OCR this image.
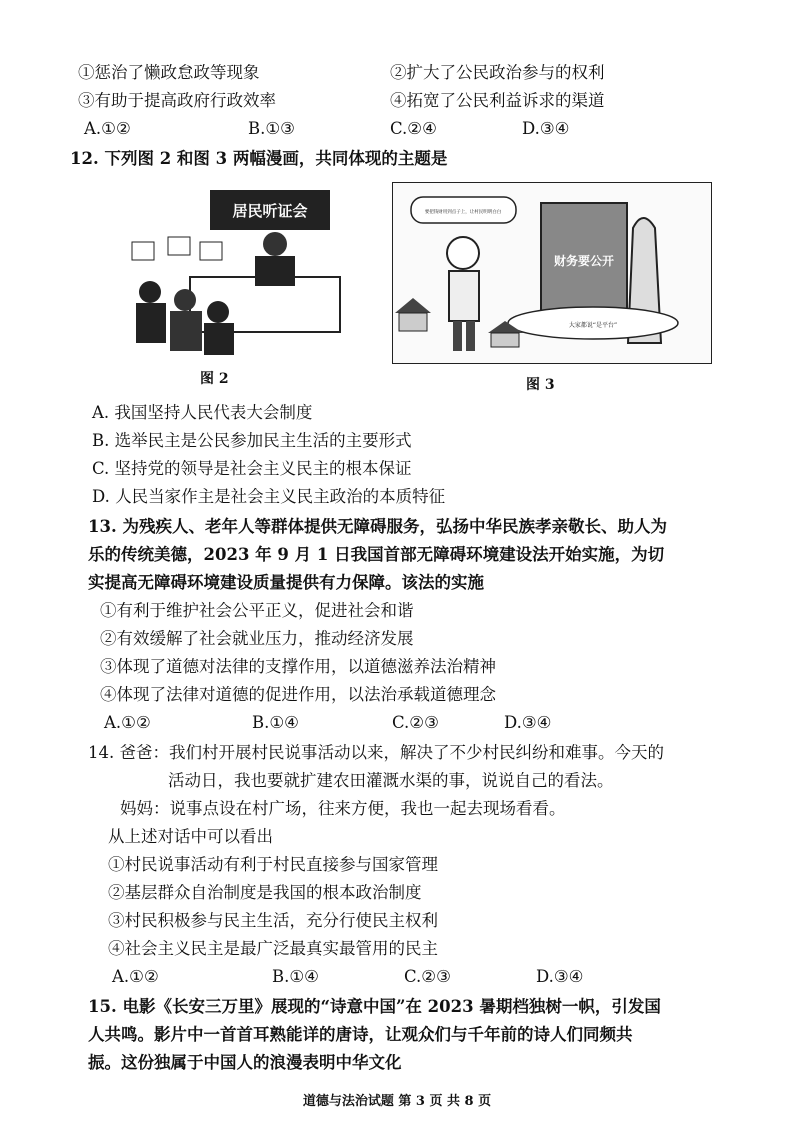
①惩治了懒政怠政等现象	②扩大了公民政治参与的权利
③有助于提高政府行政效率	④拓宽了公民利益诉求的渠道
A.①②	B.①③	C.②④	D.③④
12. 下列图 2 和图 3 两幅漫画，共同体现的主题是
居民听证会
图 2
财务要公开
大家都说“是平台”
要把钱财用到点子上，让村民明明白白
图 3
A. 我国坚持人民代表大会制度
B. 选举民主是公民参加民主生活的主要形式
C. 坚持党的领导是社会主义民主的根本保证
D. 人民当家作主是社会主义民主政治的本质特征
13. 为残疾人、老年人等群体提供无障碍服务，弘扬中华民族孝亲敬长、助人为
乐的传统美德，2023 年 9 月 1 日我国首部无障碍环境建设法开始实施，为切
实提高无障碍环境建设质量提供有力保障。该法的实施
①有利于维护社会公平正义，促进社会和谐
②有效缓解了社会就业压力，推动经济发展
③体现了道德对法律的支撑作用，以道德滋养法治精神
④体现了法律对道德的促进作用，以法治承载道德理念
A.①②	B.①④	C.②③	D.③④
14. 爸爸：我们村开展村民说事活动以来，解决了不少村民纠纷和难事。今天的
活动日，我也要就扩建农田灌溉水渠的事，说说自己的看法。
妈妈：说事点设在村广场，往来方便，我也一起去现场看看。
从上述对话中可以看出
①村民说事活动有利于村民直接参与国家管理
②基层群众自治制度是我国的根本政治制度
③村民积极参与民主生活，充分行使民主权利
④社会主义民主是最广泛最真实最管用的民主
A.①②	B.①④	C.②③	D.③④
15. 电影《长安三万里》展现的“诗意中国”在 2023 暑期档独树一帜，引发国
人共鸣。影片中一首首耳熟能详的唐诗，让观众们与千年前的诗人们同频共
振。这份独属于中国人的浪漫表明中华文化
道德与法治试题 第 3 页 共 8 页
